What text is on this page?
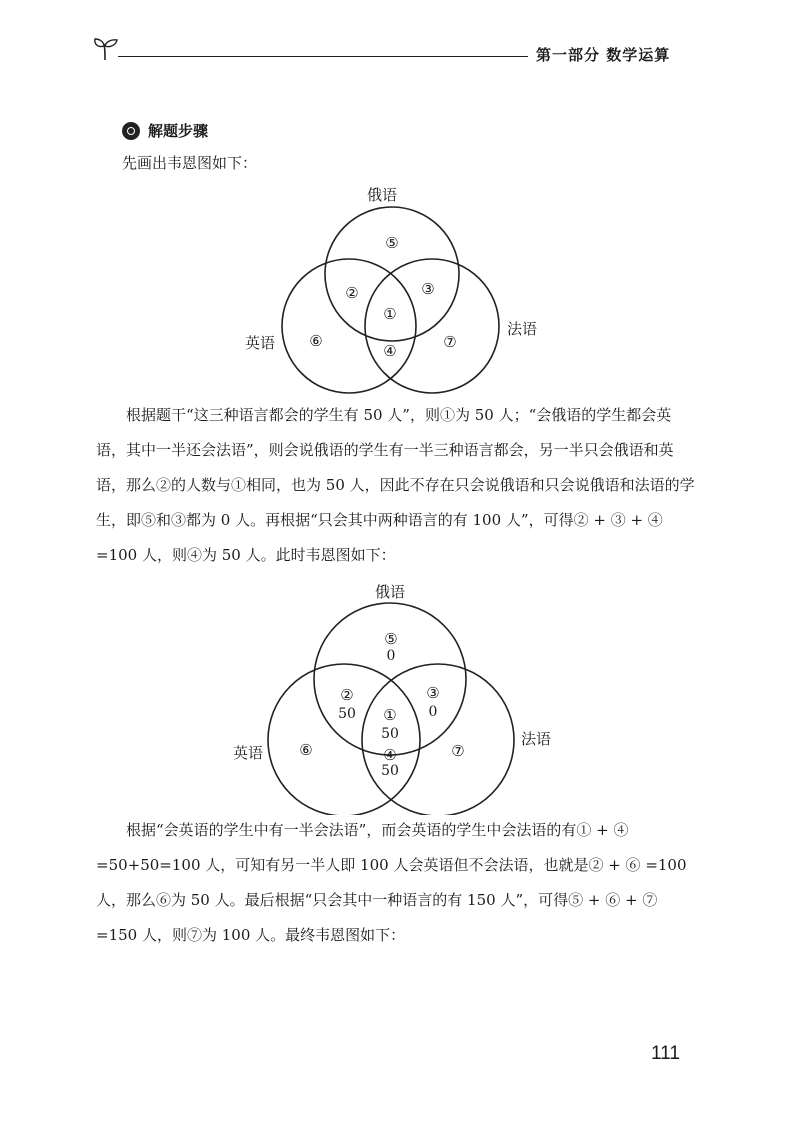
第一部分 数学运算
解题步骤
先画出韦恩图如下：
俄语
⑤
②	③
①
⑥
④	⑦
英语
法语
根据题干“这三种语言都会的学生有 50 人”，则①为 50 人；“会俄语的学生都会英语，其中一半还会法语”，则会说俄语的学生有一半三种语言都会，另一半只会俄语和英语，那么②的人数与①相同，也为 50 人，因此不存在只会说俄语和只会说俄语和法语的学生，即⑤和③都为 0 人。再根据“只会其中两种语言的有 100 人”，可得② + ③ + ④ =100 人，则④为 50 人。此时韦恩图如下：
俄语
⑤
0
②
50
③
0
①
50
⑥	④
50
⑦
英语
法语
根据“会英语的学生中有一半会法语”，而会英语的学生中会法语的有① + ④ =50+50=100 人，可知有另一半人即 100 人会英语但不会法语，也就是② + ⑥ =100 人，那么⑥为 50 人。最后根据“只会其中一种语言的有 150 人”，可得⑤ + ⑥ + ⑦ =150 人，则⑦为 100 人。最终韦恩图如下：
111
